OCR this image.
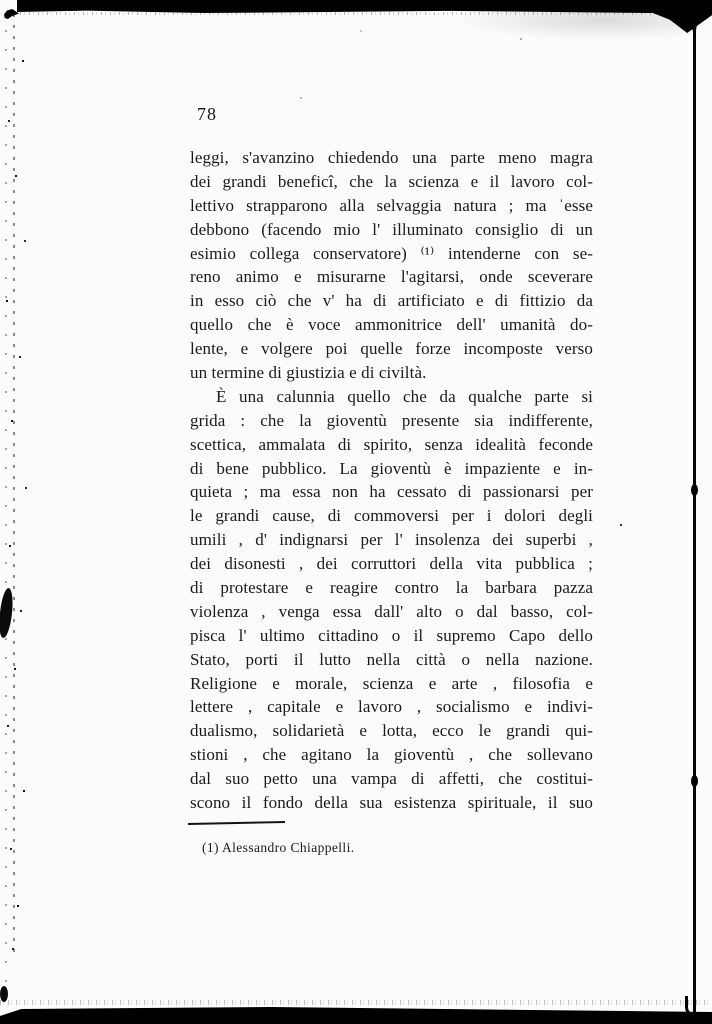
78
leggi, s'avanzino chiedendo una parte meno magra
dei grandi beneficî, che la scienza e il lavoro col-
lettivo strapparono alla selvaggia natura ; ma ˈesse
debbono (facendo mio l' illuminato consiglio di un
esimio collega conservatore) ⁽¹⁾ intenderne con se-
reno animo e misurarne l'agitarsi, onde sceverare
in esso ciò che v' ha di artificiato e di fittizio da
quello che è voce ammonitrice dell' umanità do-
lente, e volgere poi quelle forze incomposte verso
un termine di giustizia e di civiltà.
È una calunnia quello che da qualche parte si
grida : che la gioventù presente sia indifferente,
scettica, ammalata di spirito, senza idealità feconde
di bene pubblico. La gioventù è impaziente e in-
quieta ; ma essa non ha cessato di passionarsi per
le grandi cause, di commoversi per i dolori degli
umili , d' indignarsi per l' insolenza dei superbi ,
dei disonesti , dei corruttori della vita pubblica ;
di protestare e reagire contro la barbara pazza
violenza , venga essa dall' alto o dal basso, col-
pisca l' ultimo cittadino o il supremo Capo dello
Stato, porti il lutto nella città o nella nazione.
Religione e morale, scienza e arte , filosofia e
lettere , capitale e lavoro , socialismo e indivi-
dualismo, solidarietà e lotta, ecco le grandi qui-
stioni , che agitano la gioventù , che sollevano
dal suo petto una vampa di affetti, che costitui-
scono il fondo della sua esistenza spirituale, il suo
(1) Alessandro Chiappelli.
